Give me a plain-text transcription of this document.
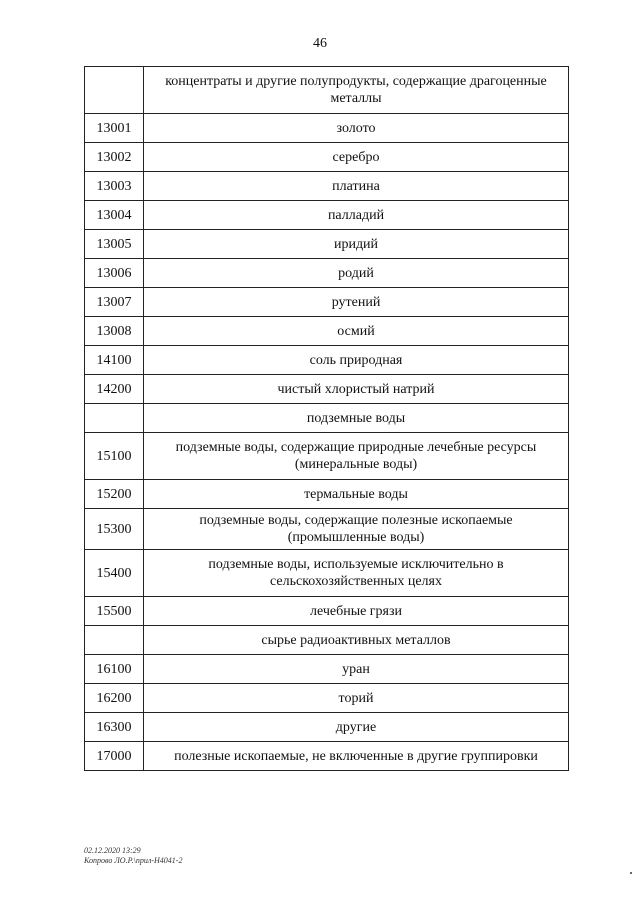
46
	концентраты и другие полупродукты, содержащие драгоценные металлы
13001	золото
13002	серебро
13003	платина
13004	палладий
13005	иридий
13006	родий
13007	рутений
13008	осмий
14100	соль природная
14200	чистый хлористый натрий
	подземные воды
15100	подземные воды, содержащие природные лечебные ресурсы (минеральные воды)
15200	термальные воды
15300	подземные воды, содержащие полезные ископаемые (промышленные воды)
15400	подземные воды, используемые исключительно в сельскохозяйственных целях
15500	лечебные грязи
	сырье радиоактивных металлов
16100	уран
16200	торий
16300	другие
17000	полезные ископаемые, не включенные в другие группировки
02.12.2020 13:29
Копрово ЛО.Р.\прил-Н4041-2
